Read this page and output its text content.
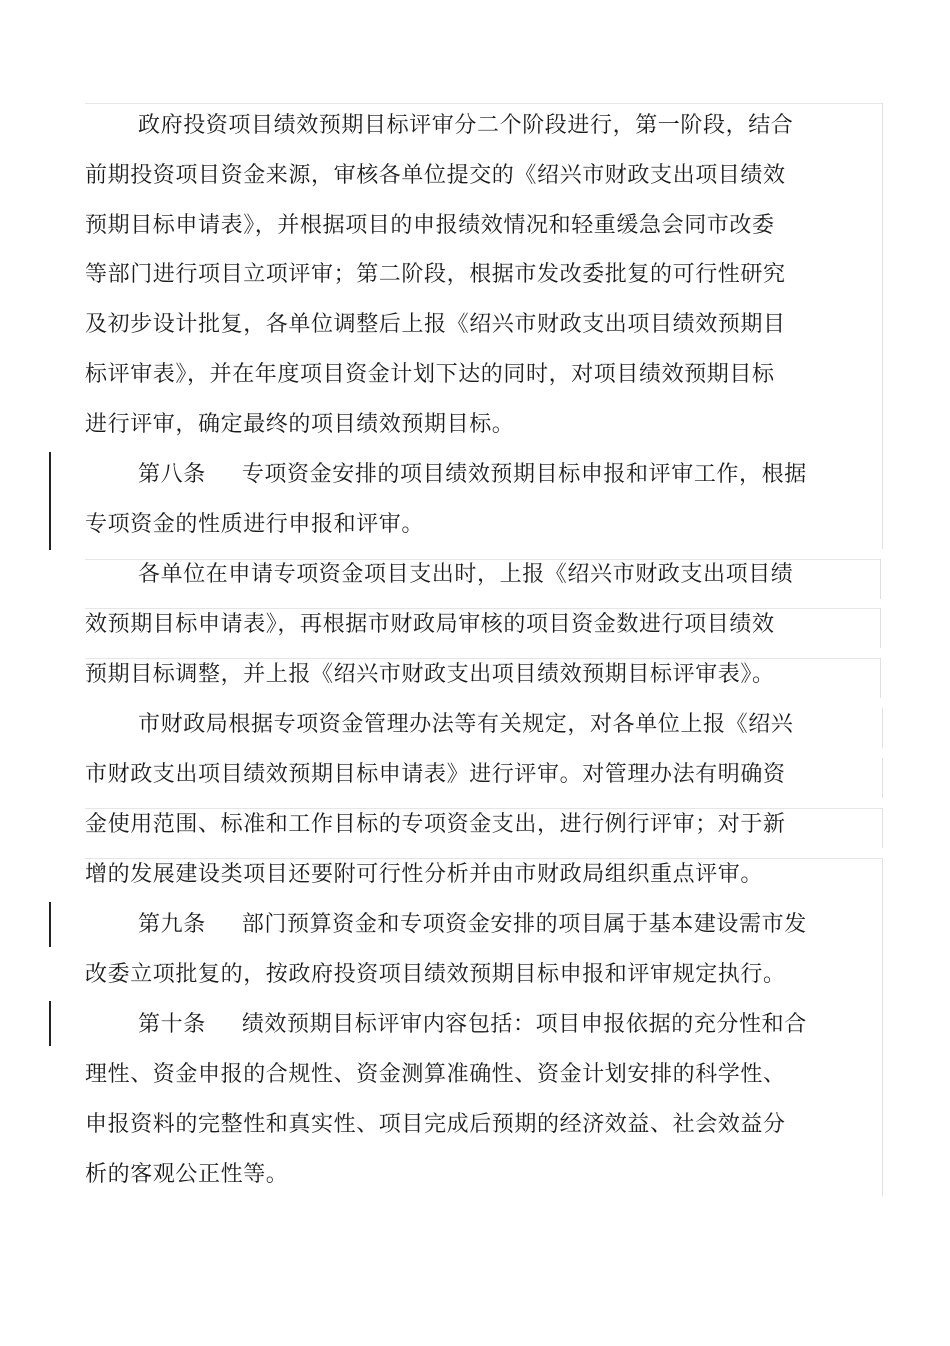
政府投资项目绩效预期目标评审分二个阶段进行，第一阶段，结合
前期投资项目资金来源，审核各单位提交的《绍兴市财政支出项目绩效
预期目标申请表》，并根据项目的申报绩效情况和轻重缓急会同市改委
等部门进行项目立项评审；第二阶段，根据市发改委批复的可行性研究
及初步设计批复，各单位调整后上报《绍兴市财政支出项目绩效预期目
标评审表》，并在年度项目资金计划下达的同时，对项目绩效预期目标
进行评审，确定最终的项目绩效预期目标。
第八条 专项资金安排的项目绩效预期目标申报和评审工作，根据
专项资金的性质进行申报和评审。
各单位在申请专项资金项目支出时，上报《绍兴市财政支出项目绩
效预期目标申请表》，再根据市财政局审核的项目资金数进行项目绩效
预期目标调整，并上报《绍兴市财政支出项目绩效预期目标评审表》。
市财政局根据专项资金管理办法等有关规定，对各单位上报《绍兴
市财政支出项目绩效预期目标申请表》进行评审。对管理办法有明确资
金使用范围、标准和工作目标的专项资金支出，进行例行评审；对于新
增的发展建设类项目还要附可行性分析并由市财政局组织重点评审。
第九条 部门预算资金和专项资金安排的项目属于基本建设需市发
改委立项批复的，按政府投资项目绩效预期目标申报和评审规定执行。
第十条 绩效预期目标评审内容包括：项目申报依据的充分性和合
理性、资金申报的合规性、资金测算准确性、资金计划安排的科学性、
申报资料的完整性和真实性、项目完成后预期的经济效益、社会效益分
析的客观公正性等。
